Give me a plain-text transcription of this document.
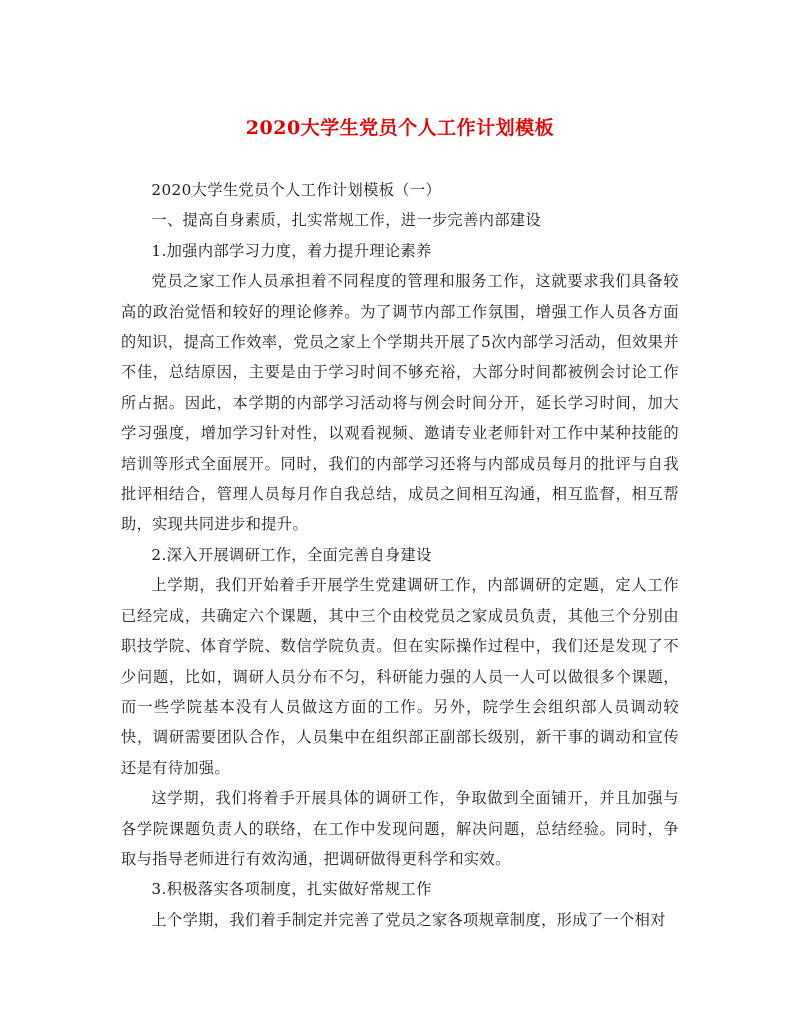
2020大学生党员个人工作计划模板

2020大学生党员个人工作计划模板（一）

一、提高自身素质，扎实常规工作，进一步完善内部建设

1.加强内部学习力度，着力提升理论素养

党员之家工作人员承担着不同程度的管理和服务工作，这就要求我们具备较高的政治觉悟和较好的理论修养。为了调节内部工作氛围，增强工作人员各方面的知识，提高工作效率，党员之家上个学期共开展了5次内部学习活动，但效果并不佳，总结原因，主要是由于学习时间不够充裕，大部分时间都被例会讨论工作所占据。因此，本学期的内部学习活动将与例会时间分开，延长学习时间，加大学习强度，增加学习针对性，以观看视频、邀请专业老师针对工作中某种技能的培训等形式全面展开。同时，我们的内部学习还将与内部成员每月的批评与自我批评相结合，管理人员每月作自我总结，成员之间相互沟通，相互监督，相互帮助，实现共同进步和提升。

2.深入开展调研工作，全面完善自身建设

上学期，我们开始着手开展学生党建调研工作，内部调研的定题，定人工作已经完成，共确定六个课题，其中三个由校党员之家成员负责，其他三个分别由职技学院、体育学院、数信学院负责。但在实际操作过程中，我们还是发现了不少问题，比如，调研人员分布不匀，科研能力强的人员一人可以做很多个课题，而一些学院基本没有人员做这方面的工作。另外，院学生会组织部人员调动较快，调研需要团队合作，人员集中在组织部正副部长级别，新干事的调动和宣传还是有待加强。

这学期，我们将着手开展具体的调研工作，争取做到全面铺开，并且加强与各学院课题负责人的联络，在工作中发现问题，解决问题，总结经验。同时，争取与指导老师进行有效沟通，把调研做得更科学和实效。

3.积极落实各项制度，扎实做好常规工作

上个学期，我们着手制定并完善了党员之家各项规章制度，形成了一个相对
